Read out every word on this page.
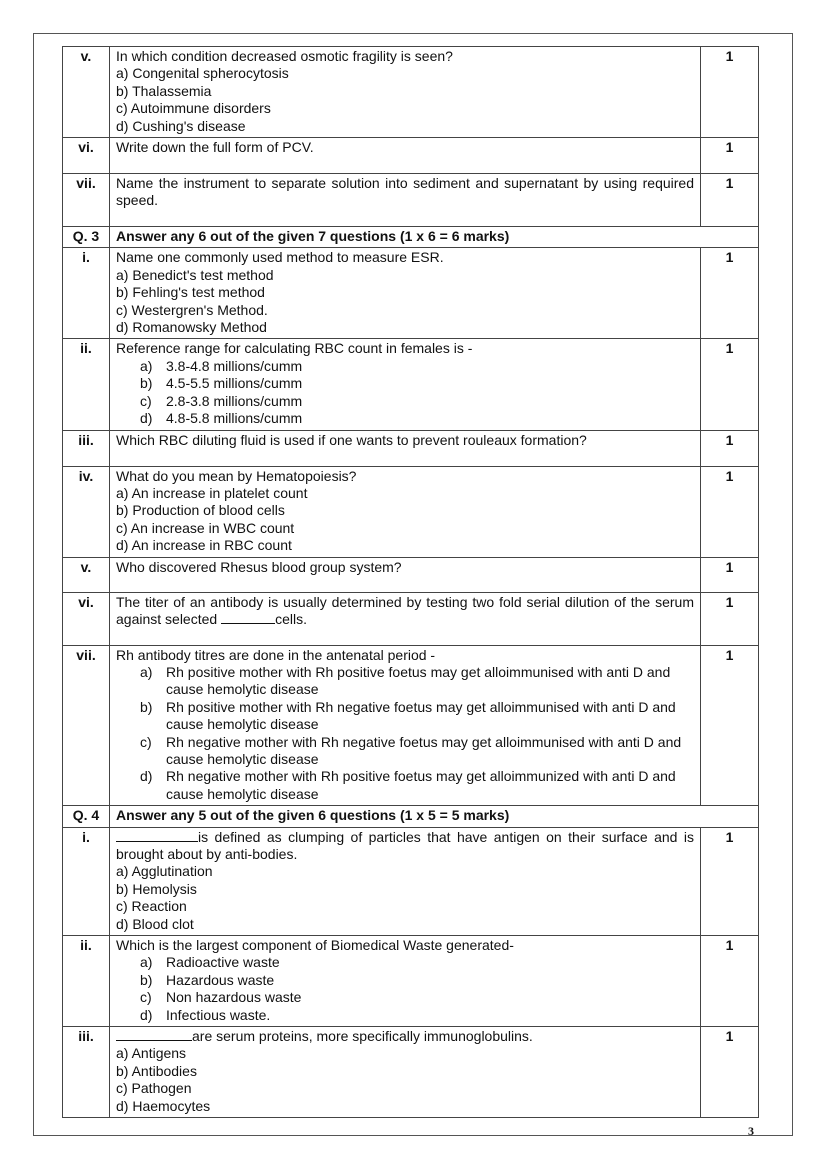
v.	In which condition decreased osmotic fragility is seen?
a) Congenital spherocytosis
b) Thalassemia
c) Autoimmune disorders
d) Cushing's disease	1
vi.	Write down the full form of PCV.	1
vii.	Name the instrument to separate solution into sediment and supernatant by using required speed.	1
Q. 3	Answer any 6 out of the given 7 questions (1 x 6 = 6 marks)	
i.	Name one commonly used method to measure ESR.
a) Benedict's test method
b) Fehling's test method
c) Westergren's Method.
d) Romanowsky Method	1
ii.	Reference range for calculating RBC count in females is -
a) 3.8-4.8 millions/cumm
b) 4.5-5.5 millions/cumm
c) 2.8-3.8 millions/cumm
d) 4.8-5.8 millions/cumm	1
iii.	Which RBC diluting fluid is used if one wants to prevent rouleaux formation?	1
iv.	What do you mean by Hematopoiesis?
a) An increase in platelet count
b) Production of blood cells
c) An increase in WBC count
d) An increase in RBC count	1
v.	Who discovered Rhesus blood group system?	1
vi.	The titer of an antibody is usually determined by testing two fold serial dilution of the serum against selected cells.	1
vii.	Rh antibody titres are done in the antenatal period -
a) Rh positive mother with Rh positive foetus may get alloimmunised with anti D and cause hemolytic disease
b) Rh positive mother with Rh negative foetus may get alloimmunised with anti D and cause hemolytic disease
c) Rh negative mother with Rh negative foetus may get alloimmunised with anti D and cause hemolytic disease
d) Rh negative mother with Rh positive foetus may get alloimmunized with anti D and cause hemolytic disease	1
Q. 4	Answer any 5 out of the given 6 questions (1 x 5 = 5 marks)	
i.	is defined as clumping of particles that have antigen on their surface and is brought about by anti-bodies.
a) Agglutination
b) Hemolysis
c) Reaction
d) Blood clot	1
ii.	Which is the largest component of Biomedical Waste generated-
a) Radioactive waste
b) Hazardous waste
c) Non hazardous waste
d) Infectious waste.	1
iii.	are serum proteins, more specifically immunoglobulins.
a) Antigens
b) Antibodies
c) Pathogen
d) Haemocytes	1
3
